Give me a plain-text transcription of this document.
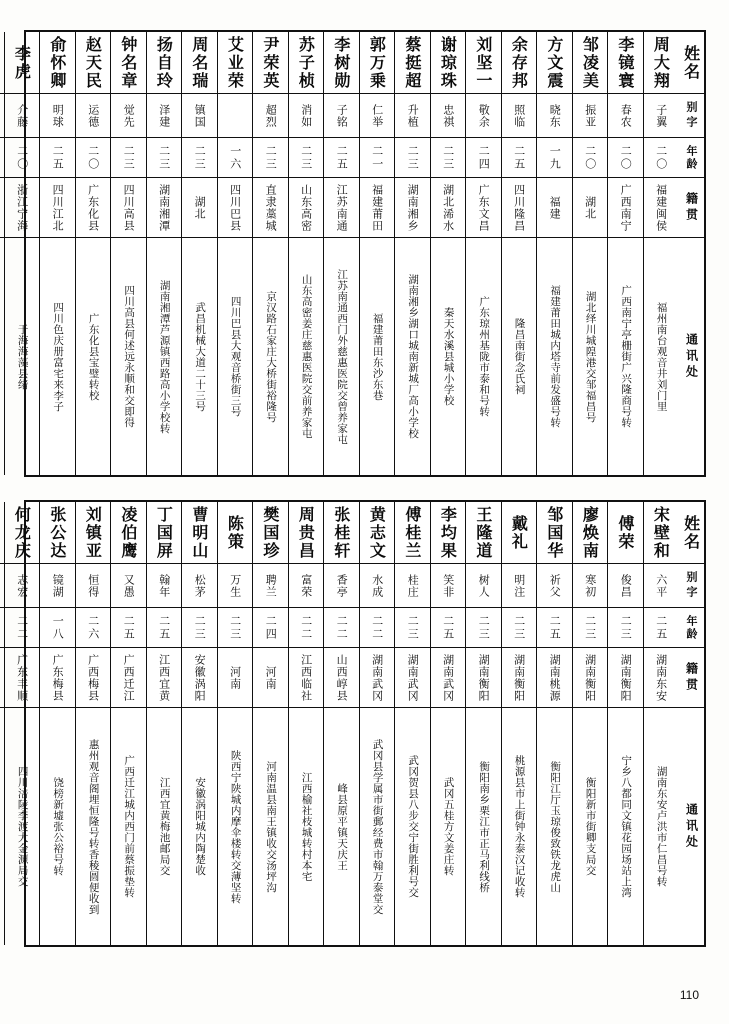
姓名
别字
年龄
籍贯
通讯处
周大翔
子翼
二〇
福建闽侯
福州南台观音井刘门里
李镜寰
春农
二〇
广西南宁
广西南宁亭栅街广兴隆商号转
邹凌美
振亚
二〇
湖北
湖北绎川城隍港交邹福昌号
方文震
晓东
一九
福建
福建莆田城内塔寺前发盛号转
余存邦
照临
二五
四川隆昌
隆昌南街念氏祠
刘坚一
敬余
二四
广东文昌
广东琼州基陇市泰和号转
谢琼珠
忠祺
二三
湖北浠水
秦天水溪县城小学校
蔡挺超
升植
二三
湖南湘乡
湖南湘乡湖口城南新城厂高小学校
郭万乗
仁举
二一
福建莆田
福建莆田东沙东巷
李树勋
子铭
二五
江苏南通
江苏南通西门外慈惠医院交曾养家屯
苏子桢
消如
二三
山东高密
山东高密姜庄慈惠医院交前养家屯
尹荣英
超烈
二三
直隶藁城
京汉路石家庄大桥街裕隆号
艾业荣
一六
四川巴县
四川巴县大观音桥街三号
周名瑞
镇国
二三
湖北
武昌机械大道二十三号
扬自玲
泽建
二三
湖南湘潭
湖南湘潭芦源镇西路高小学校转
钟名章
觉先
二三
四川高县
四川高县何述远永顺和交即得
赵天民
运德
二〇
广东化县
广东化县宝璧转校
俞怀卿
明球
二五
四川江北
四川色庆册富宅来李子
李虎
介藤
二〇
浙江宁海
于海海藻县绪
姓名
别字
年龄
籍贯
通讯处
宋壁和
六平
二五
湖南东安
湖南东安卢洪市仁昌号转
傅荣
俊昌
二三
湖南衡阳
宁乡八都同文镇花园场站上湾
廖焕南
寒初
二三
湖南衡阳
衡阳新市街卿支局交
邹国华
祈父
二五
湖南桃源
衡阳江厅玉琼俊致铁龙虎山
戴礼
明注
二三
湖南衡阳
桃源县市上街钟永泰汉记收转
王隆道
树人
二三
湖南衡阳
衡阳南乡栗江市正马利线桥
李均果
笑非
二五
湖南武冈
武冈五桂方文姜庄转
傅桂兰
桂庄
二三
湖南武冈
武冈贺县八步交宁街胜利号交
黄志文
水成
二二
湖南武冈
武冈县学属市街郵经费市翰万泰堂交
张桂轩
香亭
二二
山西崞县
峰县原平镇天庆王
周贵昌
富荣
二二
江西临社
江西榆社枝城转村本宅
樊国珍
聘兰
二四
河南
河南温县南王镇收交汤坪沟
陈策
万生
二三
河南
陕西宁陕城内摩伞楼转交薄坚转
曹明山
松茅
二三
安徽涡阳
安徽涡阳城内陶楚收
丁国屏
翰年
二五
江西宜黄
江西宜黄梅池邮局交
凌伯鹰
又愚
二五
广西迁江
广西迁江城内西门前蔡振垫转
刘镇亚
恒得
二六
广西梅县
惠州观音阁埋恒隆号转香稜圆便收到
张公达
镜湖
一八
广东梅县
饶榜新墟张公裕号转
何龙庆
志宏
二二
广东丰顺
四川涪陵李渡大金源局交
110
